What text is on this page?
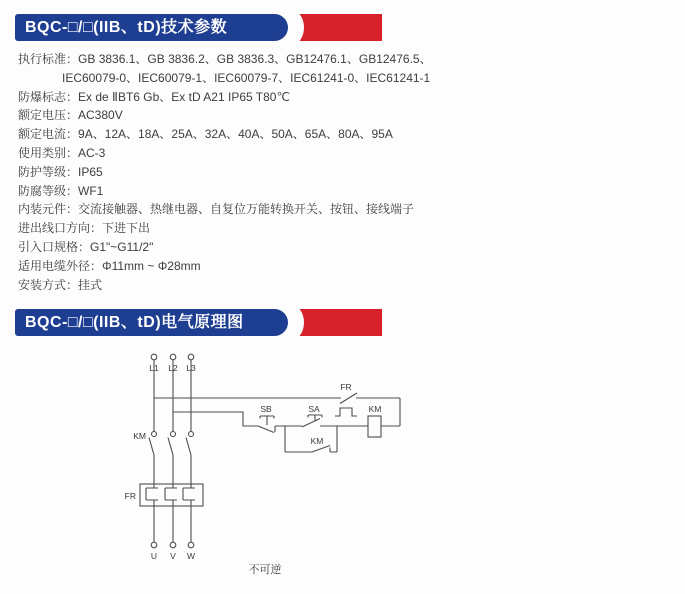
BQC-□/□(IIB、tD)技术参数
执行标准：GB 3836.1、GB 3836.2、GB 3836.3、GB12476.1、GB12476.5、
IEC60079-0、IEC60079-1、IEC60079-7、IEC61241-0、IEC61241-1
防爆标志：Ex de ⅡBT6 Gb、Ex tD A21 IP65 T80℃
额定电压：AC380V
额定电流：9A、12A、18A、25A、32A、40A、50A、65A、80A、95A
使用类别：AC-3
防护等级：IP65
防腐等级：WF1
内装元件：交流接触器、热继电器、自复位万能转换开关、按钮、接线端子
进出线口方向：下进下出
引入口规格：G1"~G11/2"
适用电缆外径：Φ11mm ~ Φ28mm
安装方式：挂式
BQC-□/□(IIB、tD)电气原理图
L1 L2 L3
KM
FR
U V W
FR
SB	SA
KM
KM
不可逆
